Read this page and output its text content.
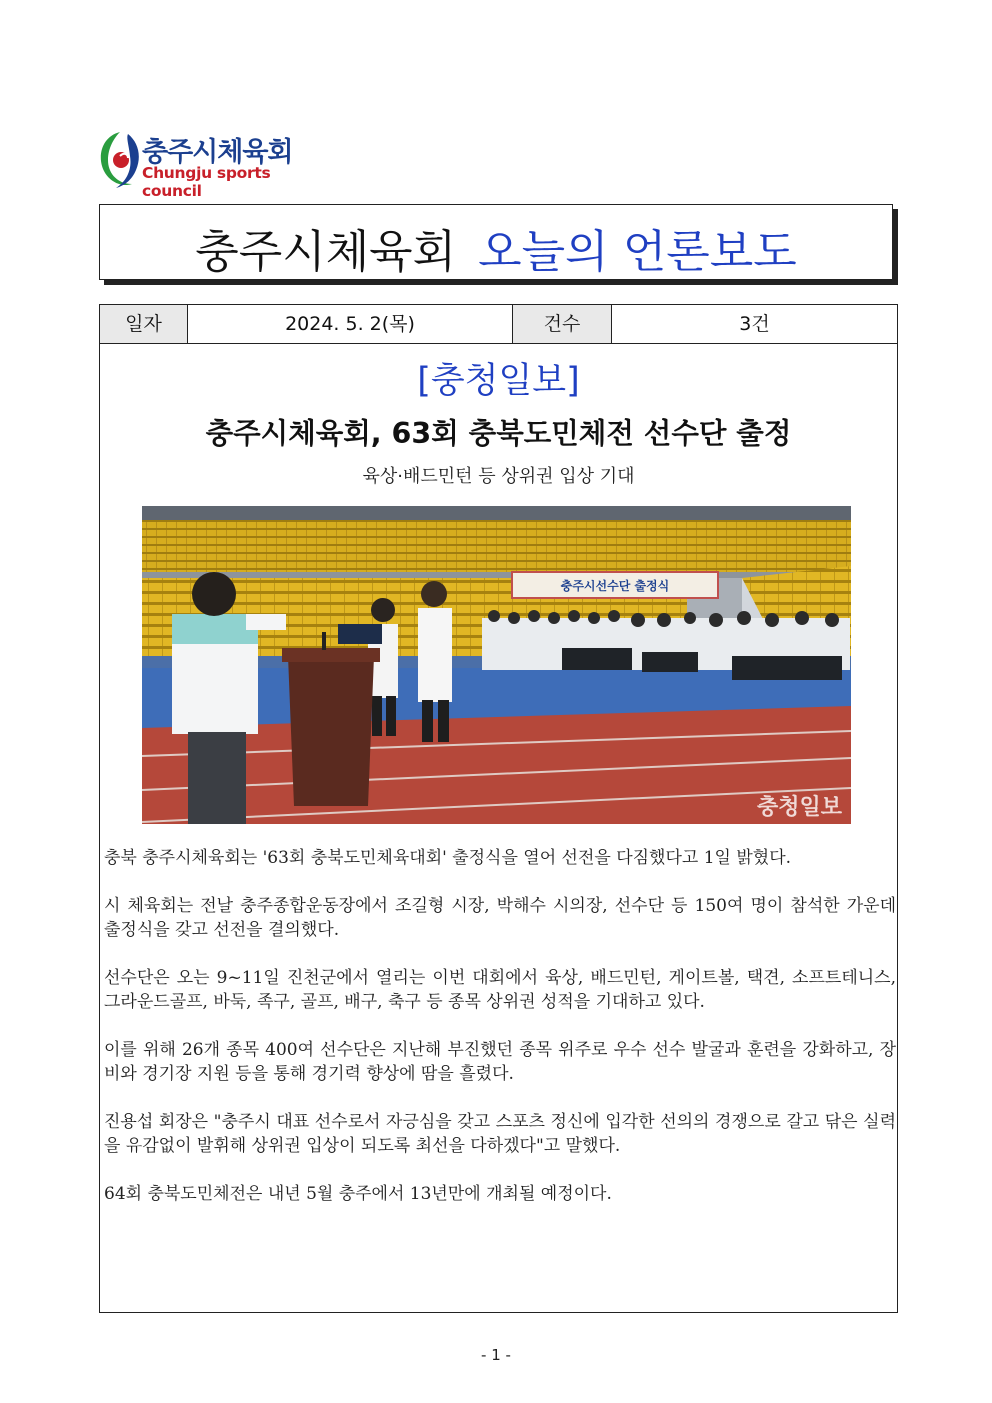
충주시체육회
Chungju sports council
충주시체육회 오늘의 언론보도
일자	2024. 5. 2(목)	건수	3건
[충청일보]
충주시체육회, 63회 충북도민체전 선수단 출정
육상·배드민턴 등 상위권 입상 기대
충주시선수단 출정식
충청일보

충북 충주시체육회는 '63회 충북도민체육대회' 출정식을 열어 선전을 다짐했다고 1일 밝혔다.

시 체육회는 전날 충주종합운동장에서 조길형 시장, 박해수 시의장, 선수단 등 150여 명이 참석한 가운데 출정식을 갖고 선전을 결의했다.

선수단은 오는 9~11일 진천군에서 열리는 이번 대회에서 육상, 배드민턴, 게이트볼, 택견, 소프트테니스, 그라운드골프, 바둑, 족구, 골프, 배구, 축구 등 종목 상위권 성적을 기대하고 있다.

이를 위해 26개 종목 400여 선수단은 지난해 부진했던 종목 위주로 우수 선수 발굴과 훈련을 강화하고, 장비와 경기장 지원 등을 통해 경기력 향상에 땀을 흘렸다.

진용섭 회장은 "충주시 대표 선수로서 자긍심을 갖고 스포츠 정신에 입각한 선의의 경쟁으로 갈고 닦은 실력을 유감없이 발휘해 상위권 입상이 되도록 최선을 다하겠다"고 말했다.

64회 충북도민체전은 내년 5월 충주에서 13년만에 개최될 예정이다.

- 1 -
